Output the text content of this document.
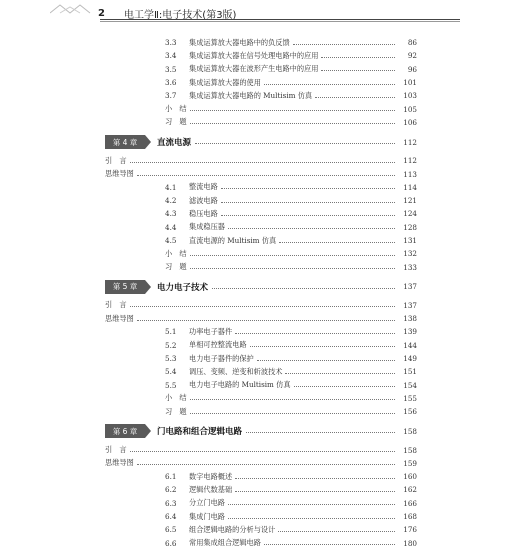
2 电工学Ⅱ:电子技术(第3版)
3.3	集成运算放大器电路中的负反馈	86
3.4	集成运算放大器在信号处理电路中的应用	92
3.5	集成运算放大器在波形产生电路中的应用	96
3.6	集成运算放大器的使用	101
3.7	集成运算放大器电路的 Multisim 仿真	103
小　结	105
习　题	106
第 4 章	直流电源	112
引　言	112
思维导图	113
4.1	整流电路	114
4.2	滤波电路	121
4.3	稳压电路	124
4.4	集成稳压器	128
4.5	直流电源的 Multisim 仿真	131
小　结	132
习　题	133
第 5 章	电力电子技术	137
引　言	137
思维导图	138
5.1	功率电子器件	139
5.2	单相可控整流电路	144
5.3	电力电子器件的保护	149
5.4	调压、变频、逆变和斩波技术	151
5.5	电力电子电路的 Multisim 仿真	154
小　结	155
习　题	156
第 6 章	门电路和组合逻辑电路	158
引　言	158
思维导图	159
6.1	数字电路概述	160
6.2	逻辑代数基础	162
6.3	分立门电路	166
6.4	集成门电路	168
6.5	组合逻辑电路的分析与设计	176
6.6	常用集成组合逻辑电路	180
